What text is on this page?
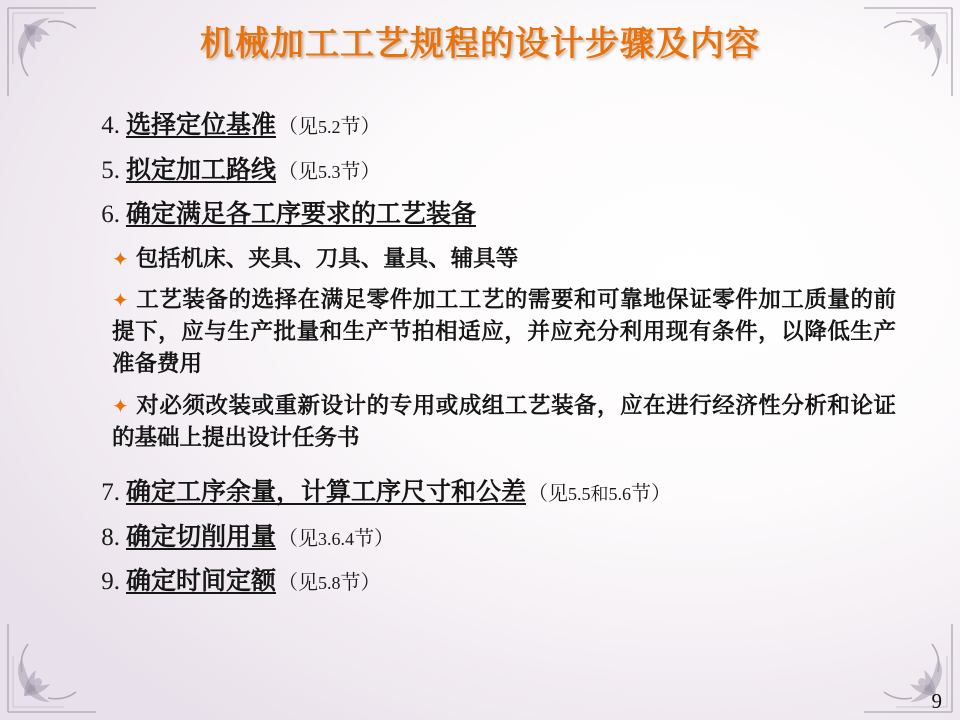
机械加工工艺规程的设计步骤及内容
4. 选择定位基准 （见5.2节）
5. 拟定加工路线 （见5.3节）
6. 确定满足各工序要求的工艺装备
✦ 包括机床、夹具、刀具、量具、辅具等
✦ 工艺装备的选择在满足零件加工工艺的需要和可靠地保证零件加工质量的前提下，应与生产批量和生产节拍相适应，并应充分利用现有条件，以降低生产准备费用
✦ 对必须改装或重新设计的专用或成组工艺装备，应在进行经济性分析和论证的基础上提出设计任务书
7. 确定工序余量，计算工序尺寸和公差 （见5.5和5.6节）
8. 确定切削用量 （见3.6.4节）
9. 确定时间定额 （见5.8节）
9
